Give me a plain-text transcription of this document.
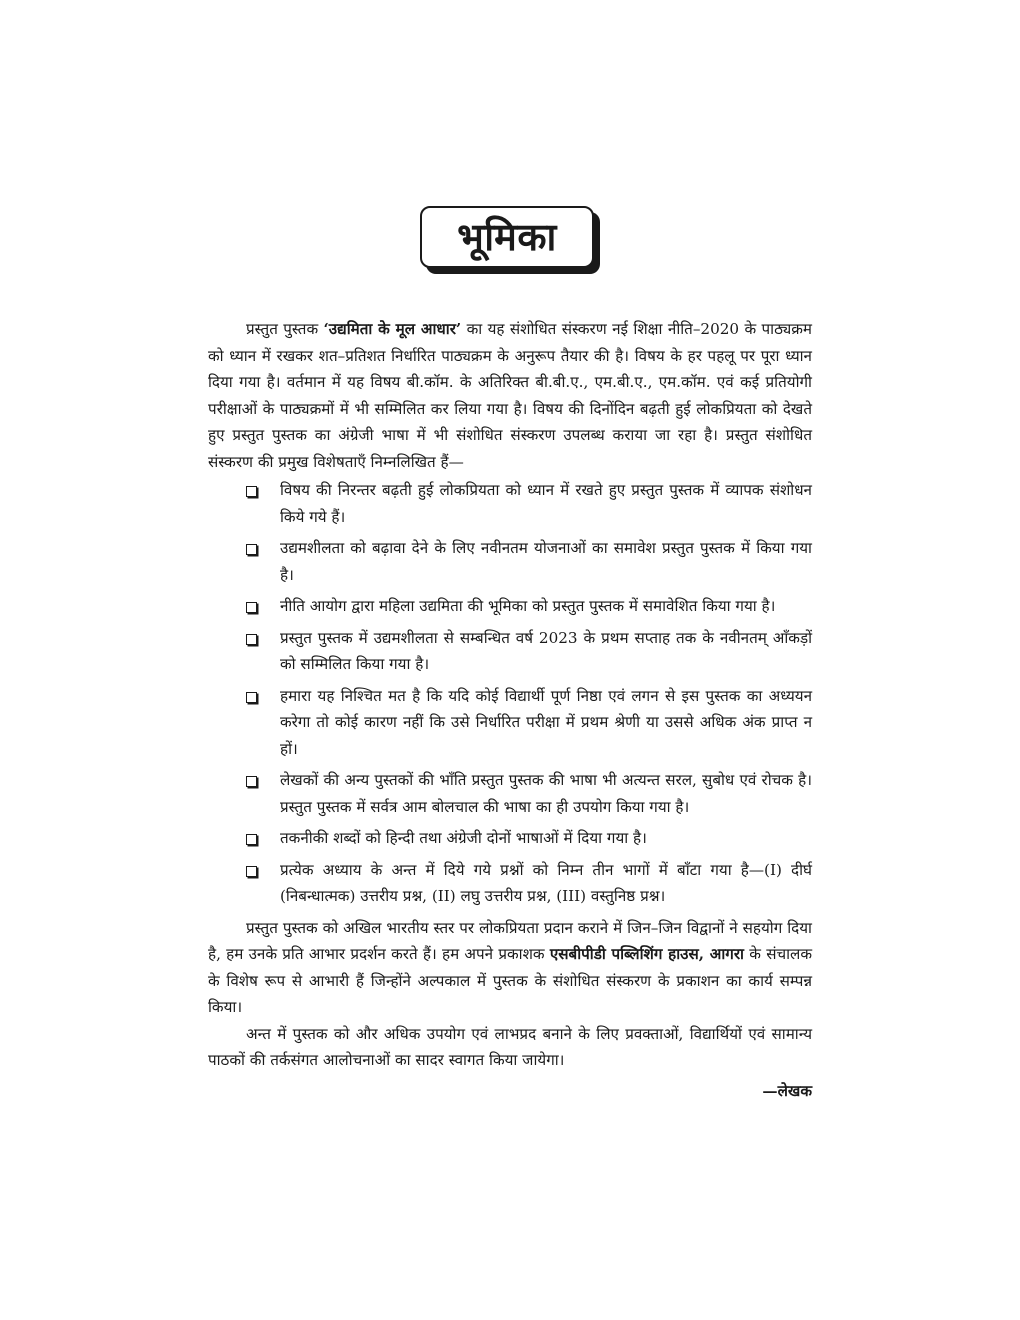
भूमिका

प्रस्तुत पुस्तक ‘उद्यमिता के मूल आधार’ का यह संशोधित संस्करण नई शिक्षा नीति–2020 के पाठ्यक्रम को ध्यान में रखकर शत–प्रतिशत निर्धारित पाठ्यक्रम के अनुरूप तैयार की है। विषय के हर पहलू पर पूरा ध्यान दिया गया है। वर्तमान में यह विषय बी.कॉम. के अतिरिक्त बी.बी.ए., एम.बी.ए., एम.कॉम. एवं कई प्रतियोगी परीक्षाओं के पाठ्यक्रमों में भी सम्मिलित कर लिया गया है। विषय की दिनोंदिन बढ़ती हुई लोकप्रियता को देखते हुए प्रस्तुत पुस्तक का अंग्रेजी भाषा में भी संशोधित संस्करण उपलब्ध कराया जा रहा है। प्रस्तुत संशोधित संस्करण की प्रमुख विशेषताएँ निम्नलिखित हैं—

विषय की निरन्तर बढ़ती हुई लोकप्रियता को ध्यान में रखते हुए प्रस्तुत पुस्तक में व्यापक संशोधन किये गये हैं।
उद्यमशीलता को बढ़ावा देने के लिए नवीनतम योजनाओं का समावेश प्रस्तुत पुस्तक में किया गया है।
नीति आयोग द्वारा महिला उद्यमिता की भूमिका को प्रस्तुत पुस्तक में समावेशित किया गया है।
प्रस्तुत पुस्तक में उद्यमशीलता से सम्बन्धित वर्ष 2023 के प्रथम सप्ताह तक के नवीनतम् आँकड़ों को सम्मिलित किया गया है।
हमारा यह निश्चित मत है कि यदि कोई विद्यार्थी पूर्ण निष्ठा एवं लगन से इस पुस्तक का अध्ययन करेगा तो कोई कारण नहीं कि उसे निर्धारित परीक्षा में प्रथम श्रेणी या उससे अधिक अंक प्राप्त न हों।
लेखकों की अन्य पुस्तकों की भाँति प्रस्तुत पुस्तक की भाषा भी अत्यन्त सरल, सुबोध एवं रोचक है। प्रस्तुत पुस्तक में सर्वत्र आम बोलचाल की भाषा का ही उपयोग किया गया है।
तकनीकी शब्दों को हिन्दी तथा अंग्रेजी दोनों भाषाओं में दिया गया है।
प्रत्येक अध्याय के अन्त में दिये गये प्रश्नों को निम्न तीन भागों में बाँटा गया है—(I) दीर्घ (निबन्धात्मक) उत्तरीय प्रश्न, (II) लघु उत्तरीय प्रश्न, (III) वस्तुनिष्ठ प्रश्न।

प्रस्तुत पुस्तक को अखिल भारतीय स्तर पर लोकप्रियता प्रदान कराने में जिन–जिन विद्वानों ने सहयोग दिया है, हम उनके प्रति आभार प्रदर्शन करते हैं। हम अपने प्रकाशक एसबीपीडी पब्लिशिंग हाउस, आगरा के संचालक के विशेष रूप से आभारी हैं जिन्होंने अल्पकाल में पुस्तक के संशोधित संस्करण के प्रकाशन का कार्य सम्पन्न किया।

अन्त में पुस्तक को और अधिक उपयोग एवं लाभप्रद बनाने के लिए प्रवक्ताओं, विद्यार्थियों एवं सामान्य पाठकों की तर्कसंगत आलोचनाओं का सादर स्वागत किया जायेगा।

—लेखक
